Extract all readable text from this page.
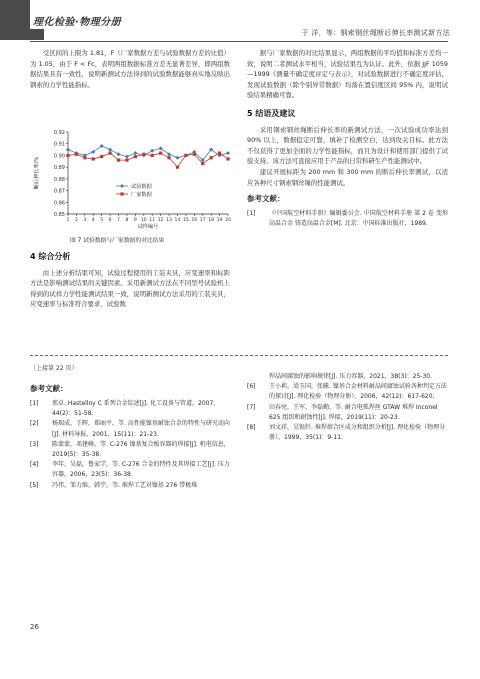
理化检验·物理分册
于 洋，等：钢索钢丝绳断后伸长率测试新方法

受区间的上限为 1.81，F（厂家数据方差与试验数据方差的比值）为 1.05，由于 F < Fc，表明两组数据标准方差无显著差异，即两组数据结果具有一致性，说明新测试方法得到的试验数据能够真实地反映出钢索的力学性能指标。

0.85
0.86
0.87
0.88
0.89
0.90
0.91
0.92
1 2 3 4 5 6 7 8 9 10 11 12 13 14 15 16 17 18 19 20
试样编号
断后伸长率/%	试验数据
厂家数据
图 7 试验数据与厂家数据的对比结果
4 综合分析

由上述分析结果可知，试验过程使用的工装夹具，应变速率和标距方法是影响测试结果的关键因素。采用新测试方法在不同型号试验机上得到的试样力学性能测试结果一致，说明新测试方法采用的工装夹具，应变速率与标准符合要求，试验数

据与厂家数据的对比结果显示，两组数据的平均值和标准方差均一致，说明二者测试水平相当，试验结果互为认证。此外，依据 JJF 1059—1999《测量不确定度评定与表示》，对试验数据进行不确定度评估，发现试验数据（除个别异常数据）均落在置信度区间 95% 内，说明试验结果精确可靠。

5 结语及建议

采用钢索钢丝绳断后伸长率的新测试方法，一次试验成功率达到 90% 以上，数据稳定可靠，填补了检测空白，达到攻关目标。此方法不仅获得了更加全面的力学性能指标，而且为设计和使用部门提供了试验支持。该方法可直接应用于产品的日常科研生产性能测试中。

建议开展标距为 200 mm 和 300 mm 的断后伸长率测试，以适应各种尺寸钢索钢丝绳的性能测试。

参考文献：
[1] 《中国航空材料手册》编辑委员会. 中国航空材料手册 第 2 卷 变形高温合金 铸造高温合金[M]. 北京：中国标准出版社，1989.
（上接第 22 页）
参考文献：
[1] 邢卓. Hastelloy C 系列合金综述[J]. 化工设备与管道，2007，44(2)：51-58.
[2] 杨瑞成，王晖，郑丽平，等. 高性能镍基耐蚀合金的特性与研究动向[J]. 材料导报，2001，15(11)：21-23.
[3] 陈蒙蒙，邓建峰，等. C-276 镍基复合板容器的焊接[J]. 机电信息，2019(5)：35-38.
[4] 李年，吴磊，鲁家学，等. C-276 合金的特性及其焊接工艺[J]. 压力容器，2006，23(5)：36-38.
[5] 冯伟，邹力维，韩宇，等. 堆焊工艺对镍基 276 带极堆
焊晶间腐蚀的影响规律[J]. 压力容器，2021，38(3)：25-30.
[6] 王小莉，梁玉国，张騰. 镍基合金材料耐晶间腐蚀试验各种判定方法的探讨[J]. 理化检验（物理分册），2006，42(12)：617-620.
[7] 田春亮，王军，李磊勤，等. 耐合电弧焊丝 GTAW 堆焊 Inconel 625 组织和耐蚀性[J]. 焊接，2019(11)：20-23.
[8] 刘文祥，吴银纤. 堆焊熔合区成分和组织分析[J]. 理化检验（物理分册），1999，35(1)：9-11.
26
